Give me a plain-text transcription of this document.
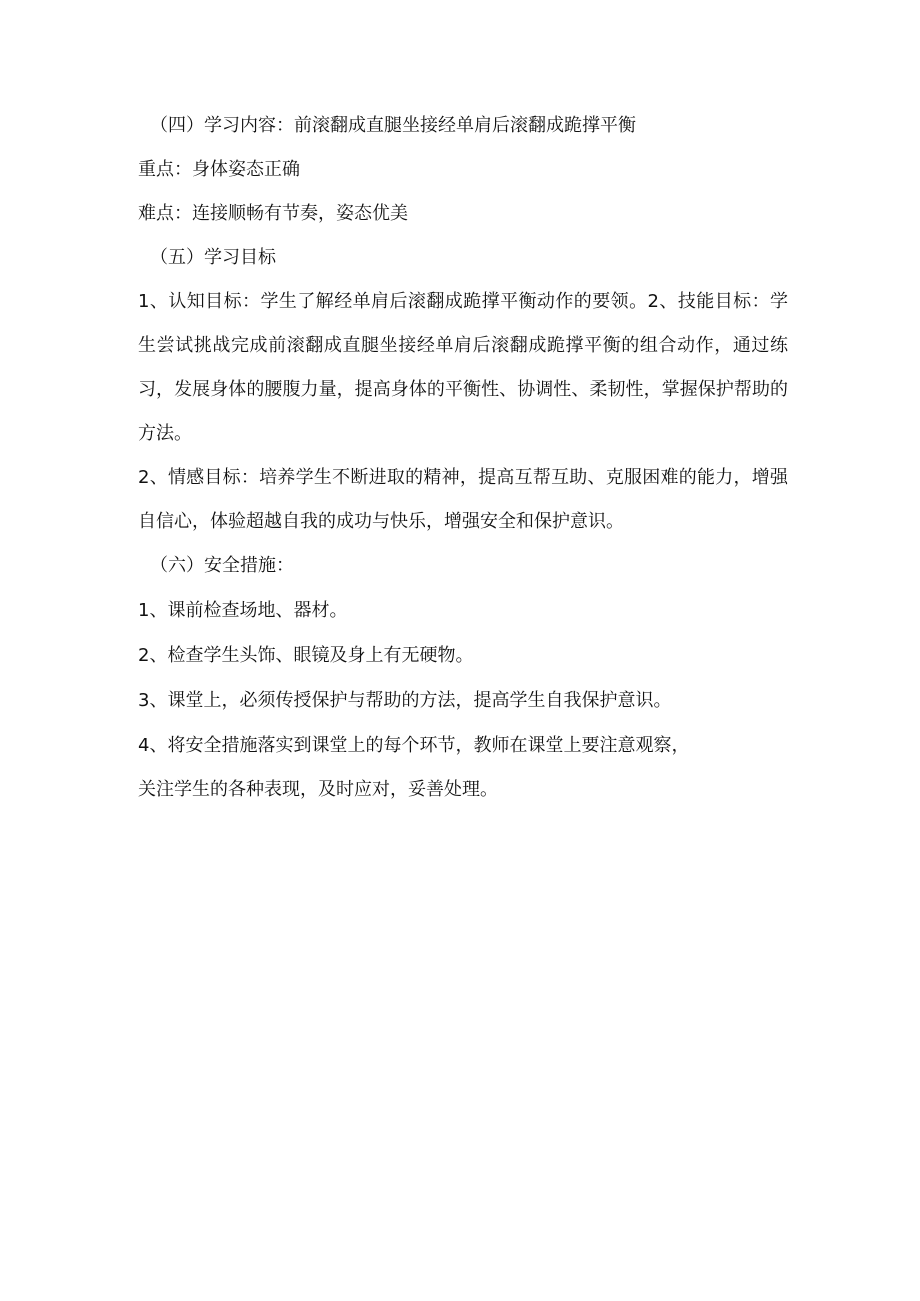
（四）学习内容：前滚翻成直腿坐接经单肩后滚翻成跪撑平衡

重点：身体姿态正确

难点：连接顺畅有节奏，姿态优美

（五）学习目标

1、认知目标：学生了解经单肩后滚翻成跪撑平衡动作的要领。2、技能目标：学生尝试挑战完成前滚翻成直腿坐接经单肩后滚翻成跪撑平衡的组合动作，通过练习，发展身体的腰腹力量，提高身体的平衡性、协调性、柔韧性，掌握保护帮助的方法。

2、情感目标：培养学生不断进取的精神，提高互帮互助、克服困难的能力，增强自信心，体验超越自我的成功与快乐，增强安全和保护意识。

（六）安全措施：

1、课前检查场地、器材。

2、检查学生头饰、眼镜及身上有无硬物。

3、课堂上，必须传授保护与帮助的方法，提高学生自我保护意识。

4、将安全措施落实到课堂上的每个环节，教师在课堂上要注意观察，

关注学生的各种表现，及时应对，妥善处理。
